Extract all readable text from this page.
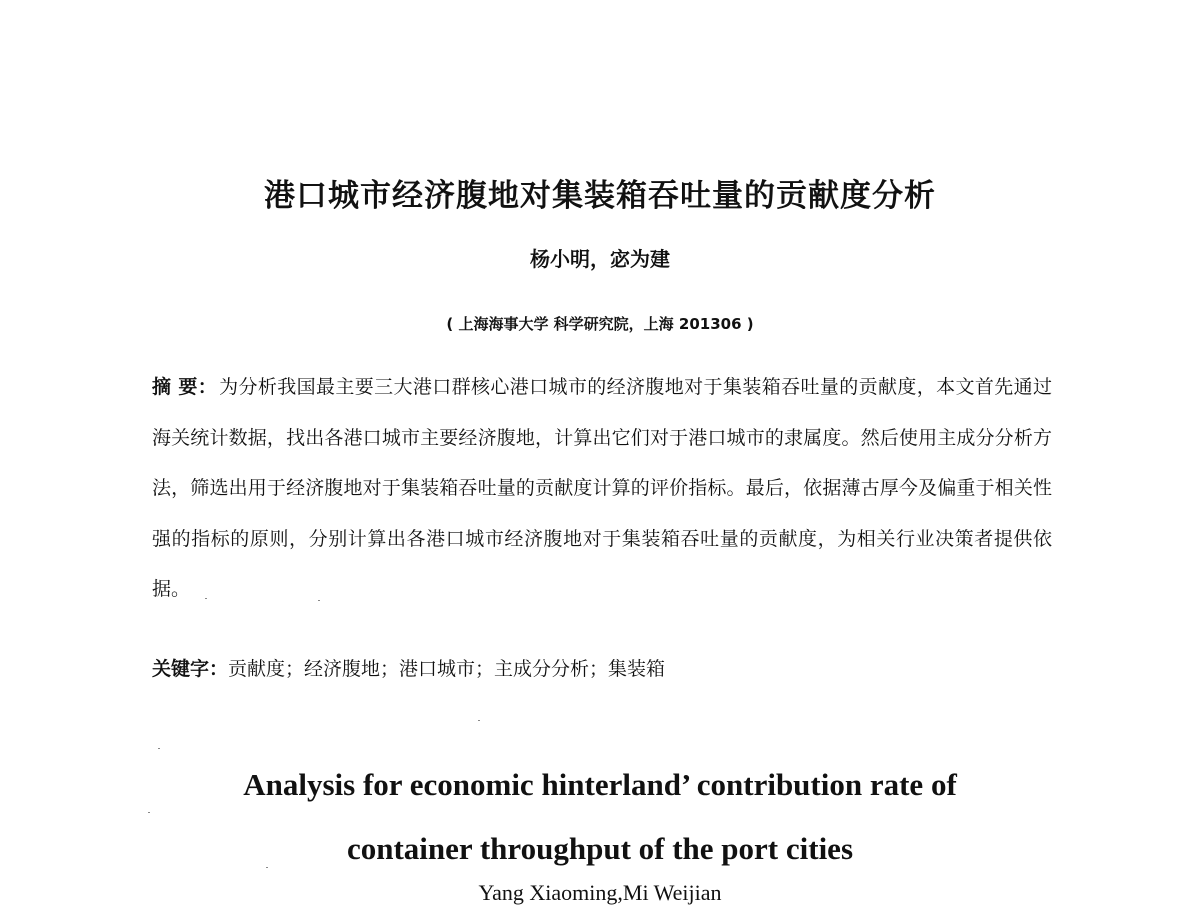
港口城市经济腹地对集装箱吞吐量的贡献度分析

杨小明，宓为建

( 上海海事大学 科学研究院，上海 201306 )

摘 要： 为分析我国最主要三大港口群核心港口城市的经济腹地对于集装箱吞吐量的贡献度，本文首先通过海关统计数据，找出各港口城市主要经济腹地，计算出它们对于港口城市的隶属度。然后使用主成分分析方法，筛选出用于经济腹地对于集装箱吞吐量的贡献度计算的评价指标。最后，依据薄古厚今及偏重于相关性强的指标的原则，分别计算出各港口城市经济腹地对于集装箱吞吐量的贡献度，为相关行业决策者提供依据。

关键字：贡献度；经济腹地；港口城市；主成分分析；集装箱

Analysis for economic hinterland’ contribution rate of
container throughput of the port cities

Yang Xiaoming,Mi Weijian
